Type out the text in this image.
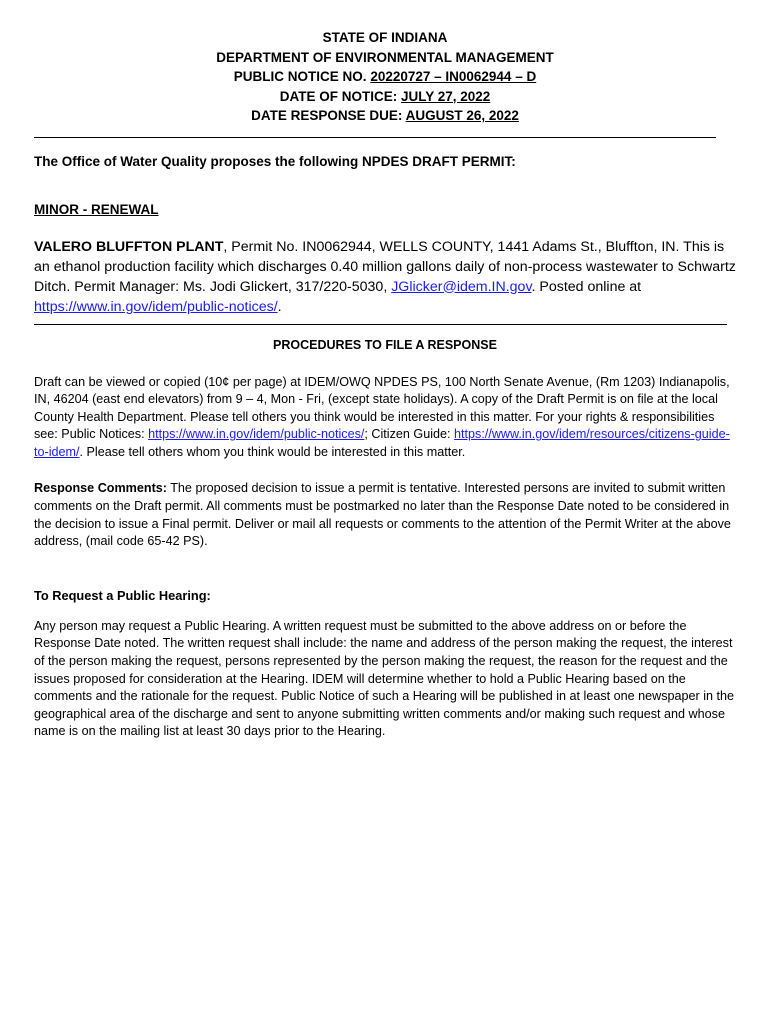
STATE OF INDIANA
DEPARTMENT OF ENVIRONMENTAL MANAGEMENT
PUBLIC NOTICE NO. 20220727 – IN0062944 – D
DATE OF NOTICE: JULY 27, 2022
DATE RESPONSE DUE: AUGUST 26, 2022
The Office of Water Quality proposes the following NPDES DRAFT PERMIT:
MINOR - RENEWAL
VALERO BLUFFTON PLANT, Permit No. IN0062944, WELLS COUNTY, 1441 Adams St., Bluffton, IN. This is an ethanol production facility which discharges 0.40 million gallons daily of non-process wastewater to Schwartz Ditch. Permit Manager: Ms. Jodi Glickert, 317/220-5030, JGlicker@idem.IN.gov. Posted online at https://www.in.gov/idem/public-notices/.
PROCEDURES TO FILE A RESPONSE
Draft can be viewed or copied (10¢ per page) at IDEM/OWQ NPDES PS, 100 North Senate Avenue, (Rm 1203) Indianapolis, IN, 46204 (east end elevators) from 9 – 4, Mon - Fri, (except state holidays). A copy of the Draft Permit is on file at the local County Health Department. Please tell others you think would be interested in this matter. For your rights & responsibilities see: Public Notices: https://www.in.gov/idem/public-notices/; Citizen Guide: https://www.in.gov/idem/resources/citizens-guide-to-idem/. Please tell others whom you think would be interested in this matter.
Response Comments: The proposed decision to issue a permit is tentative. Interested persons are invited to submit written comments on the Draft permit. All comments must be postmarked no later than the Response Date noted to be considered in the decision to issue a Final permit. Deliver or mail all requests or comments to the attention of the Permit Writer at the above address, (mail code 65-42 PS).
To Request a Public Hearing:
Any person may request a Public Hearing. A written request must be submitted to the above address on or before the Response Date noted. The written request shall include: the name and address of the person making the request, the interest of the person making the request, persons represented by the person making the request, the reason for the request and the issues proposed for consideration at the Hearing. IDEM will determine whether to hold a Public Hearing based on the comments and the rationale for the request. Public Notice of such a Hearing will be published in at least one newspaper in the geographical area of the discharge and sent to anyone submitting written comments and/or making such request and whose name is on the mailing list at least 30 days prior to the Hearing.
